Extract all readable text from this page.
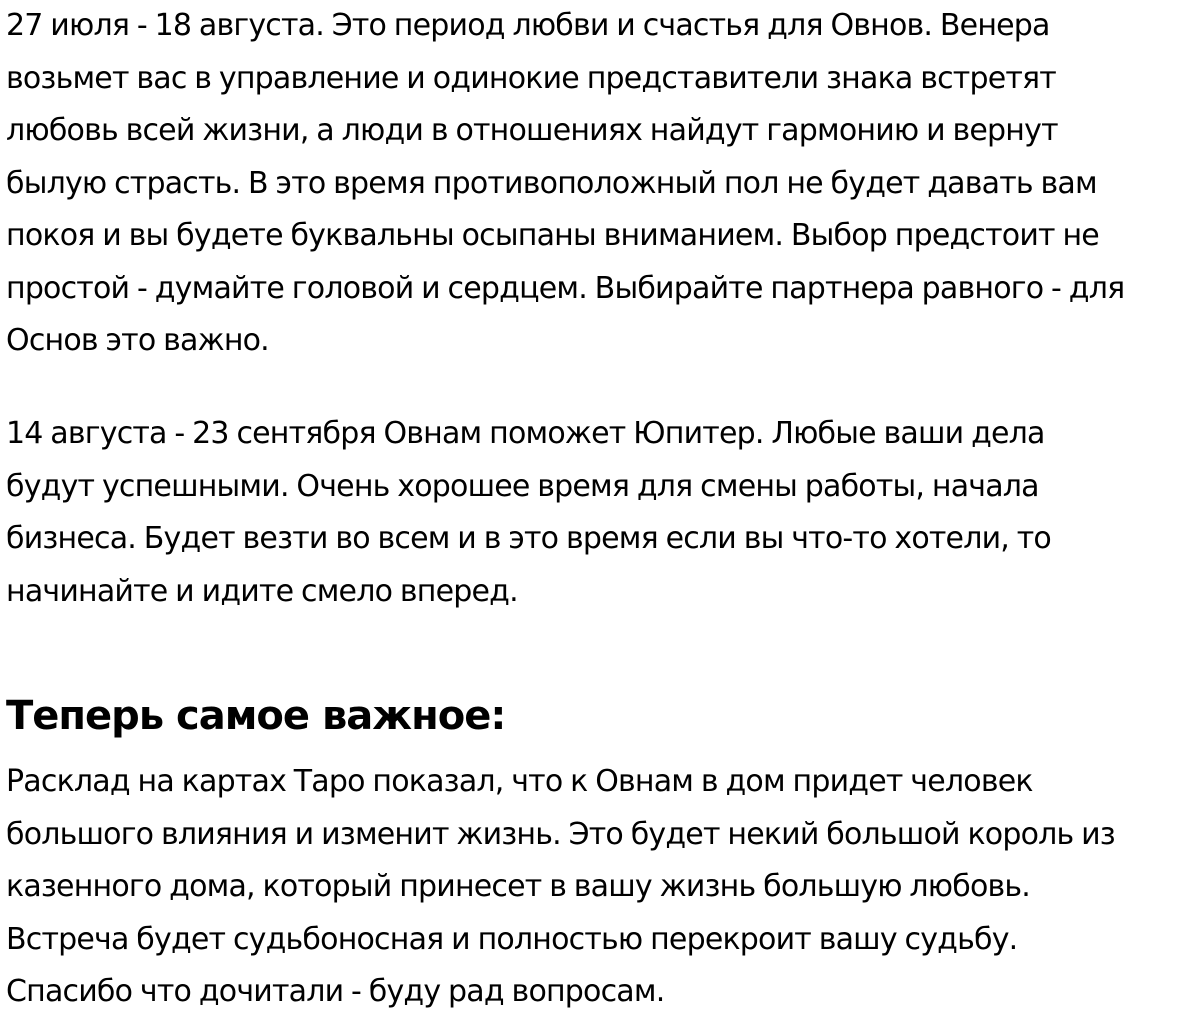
27 июля - 18 августа. Это период любви и счастья для Овнов. Венера
возьмет вас в управление и одинокие представители знака встретят
любовь всей жизни, а люди в отношениях найдут гармонию и вернут
былую страсть. В это время противоположный пол не будет давать вам
покоя и вы будете буквальны осыпаны вниманием. Выбор предстоит не
простой - думайте головой и сердцем. Выбирайте партнера равного - для
Основ это важно.

14 августа - 23 сентября Овнам поможет Юпитер. Любые ваши дела
будут успешными. Очень хорошее время для смены работы, начала
бизнеса. Будет везти во всем и в это время если вы что-то хотели, то
начинайте и идите смело вперед.

Теперь самое важное:

Расклад на картах Таро показал, что к Овнам в дом придет человек
большого влияния и изменит жизнь. Это будет некий большой король из
казенного дома, который принесет в вашу жизнь большую любовь.
Встреча будет судьбоносная и полностью перекроит вашу судьбу.
Спасибо что дочитали - буду рад вопросам.
